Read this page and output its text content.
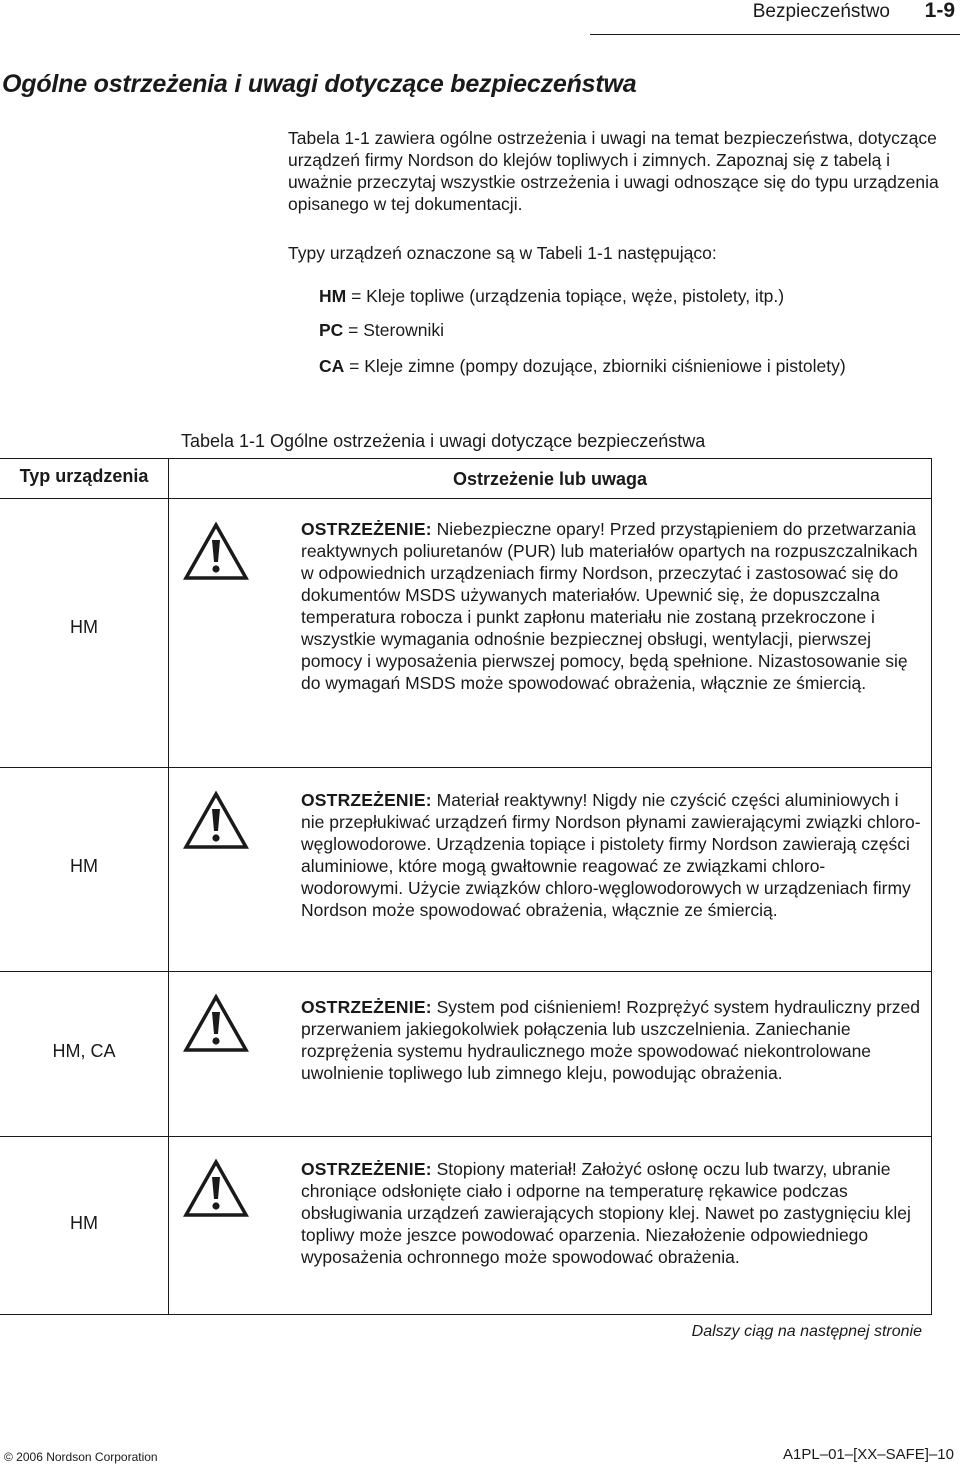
Bezpieczeństwo 1-9
Ogólne ostrzeżenia i uwagi dotyczące bezpieczeństwa

Tabela 1-1 zawiera ogólne ostrzeżenia i uwagi na temat bezpieczeństwa, dotyczące urządzeń firmy Nordson do klejów topliwych i zimnych. Zapoznaj się z tabelą i uważnie przeczytaj wszystkie ostrzeżenia i uwagi odnoszące się do typu urządzenia opisanego w tej dokumentacji.

Typy urządzeń oznaczone są w Tabeli 1-1 następująco:

HM = Kleje topliwe (urządzenia topiące, węże, pistolety, itp.)

PC = Sterowniki

CA = Kleje zimne (pompy dozujące, zbiorniki ciśnieniowe i pistolety)

Tabela 1-1 Ogólne ostrzeżenia i uwagi dotyczące bezpieczeństwa
Typ urządzenia	Ostrzeżenie lub uwaga
HM

OSTRZEŻENIE: Niebezpieczne opary! Przed przystąpieniem do przetwarzania reaktywnych poliuretanów (PUR) lub materiałów opartych na rozpuszczalnikach w odpowiednich urządzeniach firmy Nordson, przeczytać i zastosować się do dokumentów MSDS używanych materiałów. Upewnić się, że dopuszczalna temperatura robocza i punkt zapłonu materiału nie zostaną przekroczone i wszystkie wymagania odnośnie bezpiecznej obsługi, wentylacji, pierwszej pomocy i wyposażenia pierwszej pomocy, będą spełnione. Nizastosowanie się do wymagań MSDS może spowodować obrażenia, włącznie ze śmiercią.

HM

OSTRZEŻENIE: Materiał reaktywny! Nigdy nie czyścić części aluminiowych i nie przepłukiwać urządzeń firmy Nordson płynami zawierającymi związki chloro-węglowodorowe. Urządzenia topiące i pistolety firmy Nordson zawierają części aluminiowe, które mogą gwałtownie reagować ze związkami chloro-wodorowymi. Użycie związków chloro-węglowodorowych w urządzeniach firmy Nordson może spowodować obrażenia, włącznie ze śmiercią.

HM, CA

OSTRZEŻENIE: System pod ciśnieniem! Rozprężyć system hydrauliczny przed przerwaniem jakiegokolwiek połączenia lub uszczelnienia. Zaniechanie rozprężenia systemu hydraulicznego może spowodować niekontrolowane uwolnienie topliwego lub zimnego kleju, powodując obrażenia.

HM

OSTRZEŻENIE: Stopiony materiał! Założyć osłonę oczu lub twarzy, ubranie chroniące odsłonięte ciało i odporne na temperaturę rękawice podczas obsługiwania urządzeń zawierających stopiony klej. Nawet po zastygnięciu klej topliwy może jeszce powodować oparzenia. Niezałożenie odpowiedniego wyposażenia ochronnego może spowodować obrażenia.

Dalszy ciąg na następnej stronie
© 2006 Nordson Corporation	A1PL–01–[XX–SAFE]–10
